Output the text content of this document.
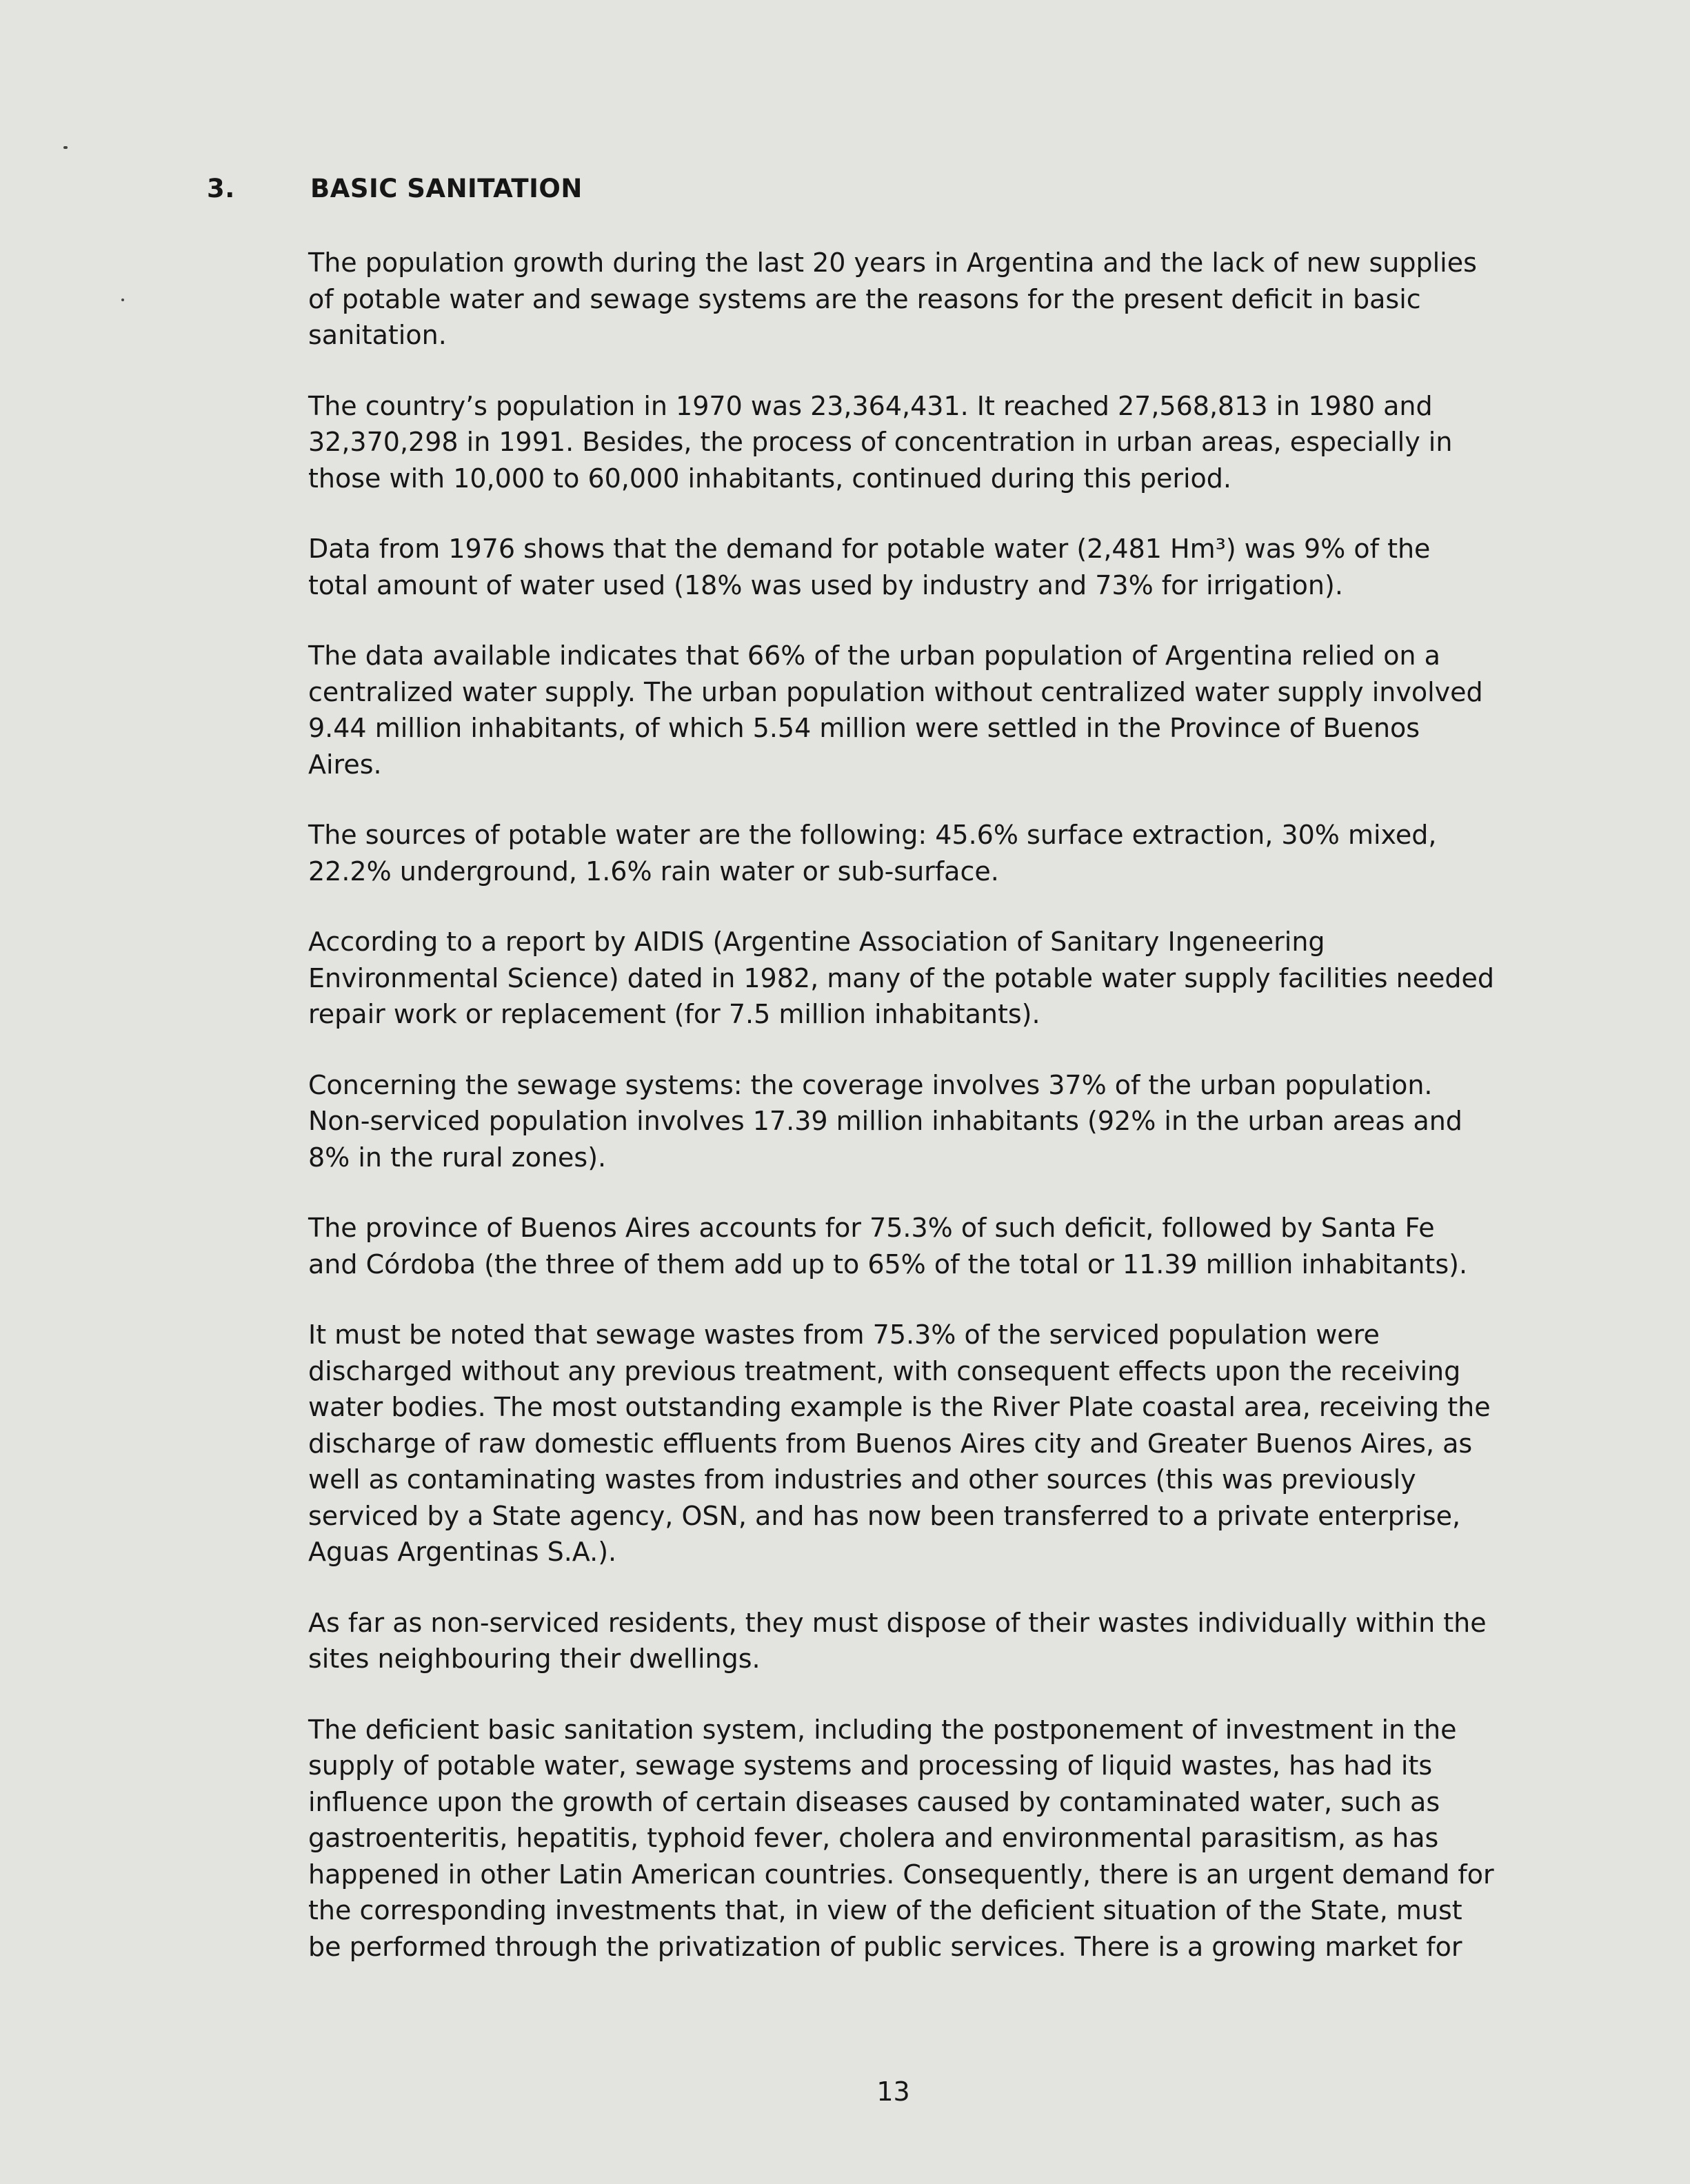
3.	BASIC SANITATION

The population growth during the last 20 years in Argentina and the lack of new supplies
of potable water and sewage systems are the reasons for the present deficit in basic
sanitation.

The country’s population in 1970 was 23,364,431. It reached 27,568,813 in 1980 and
32,370,298 in 1991. Besides, the process of concentration in urban areas, especially in
those with 10,000 to 60,000 inhabitants, continued during this period.

Data from 1976 shows that the demand for potable water (2,481 Hm³) was 9% of the
total amount of water used (18% was used by industry and 73% for irrigation).

The data available indicates that 66% of the urban population of Argentina relied on a
centralized water supply. The urban population without centralized water supply involved
9.44 million inhabitants, of which 5.54 million were settled in the Province of Buenos
Aires.

The sources of potable water are the following: 45.6% surface extraction, 30% mixed,
22.2% underground, 1.6% rain water or sub-surface.

According to a report by AIDIS (Argentine Association of Sanitary Ingeneering
Environmental Science) dated in 1982, many of the potable water supply facilities needed
repair work or replacement (for 7.5 million inhabitants).

Concerning the sewage systems: the coverage involves 37% of the urban population.
Non-serviced population involves 17.39 million inhabitants (92% in the urban areas and
8% in the rural zones).

The province of Buenos Aires accounts for 75.3% of such deficit, followed by Santa Fe
and Córdoba (the three of them add up to 65% of the total or 11.39 million inhabitants).

It must be noted that sewage wastes from 75.3% of the serviced population were
discharged without any previous treatment, with consequent effects upon the receiving
water bodies. The most outstanding example is the River Plate coastal area, receiving the
discharge of raw domestic effluents from Buenos Aires city and Greater Buenos Aires, as
well as contaminating wastes from industries and other sources (this was previously
serviced by a State agency, OSN, and has now been transferred to a private enterprise,
Aguas Argentinas S.A.).

As far as non-serviced residents, they must dispose of their wastes individually within the
sites neighbouring their dwellings.

The deficient basic sanitation system, including the postponement of investment in the
supply of potable water, sewage systems and processing of liquid wastes, has had its
influence upon the growth of certain diseases caused by contaminated water, such as
gastroenteritis, hepatitis, typhoid fever, cholera and environmental parasitism, as has
happened in other Latin American countries. Consequently, there is an urgent demand for
the corresponding investments that, in view of the deficient situation of the State, must
be performed through the privatization of public services. There is a growing market for

13
